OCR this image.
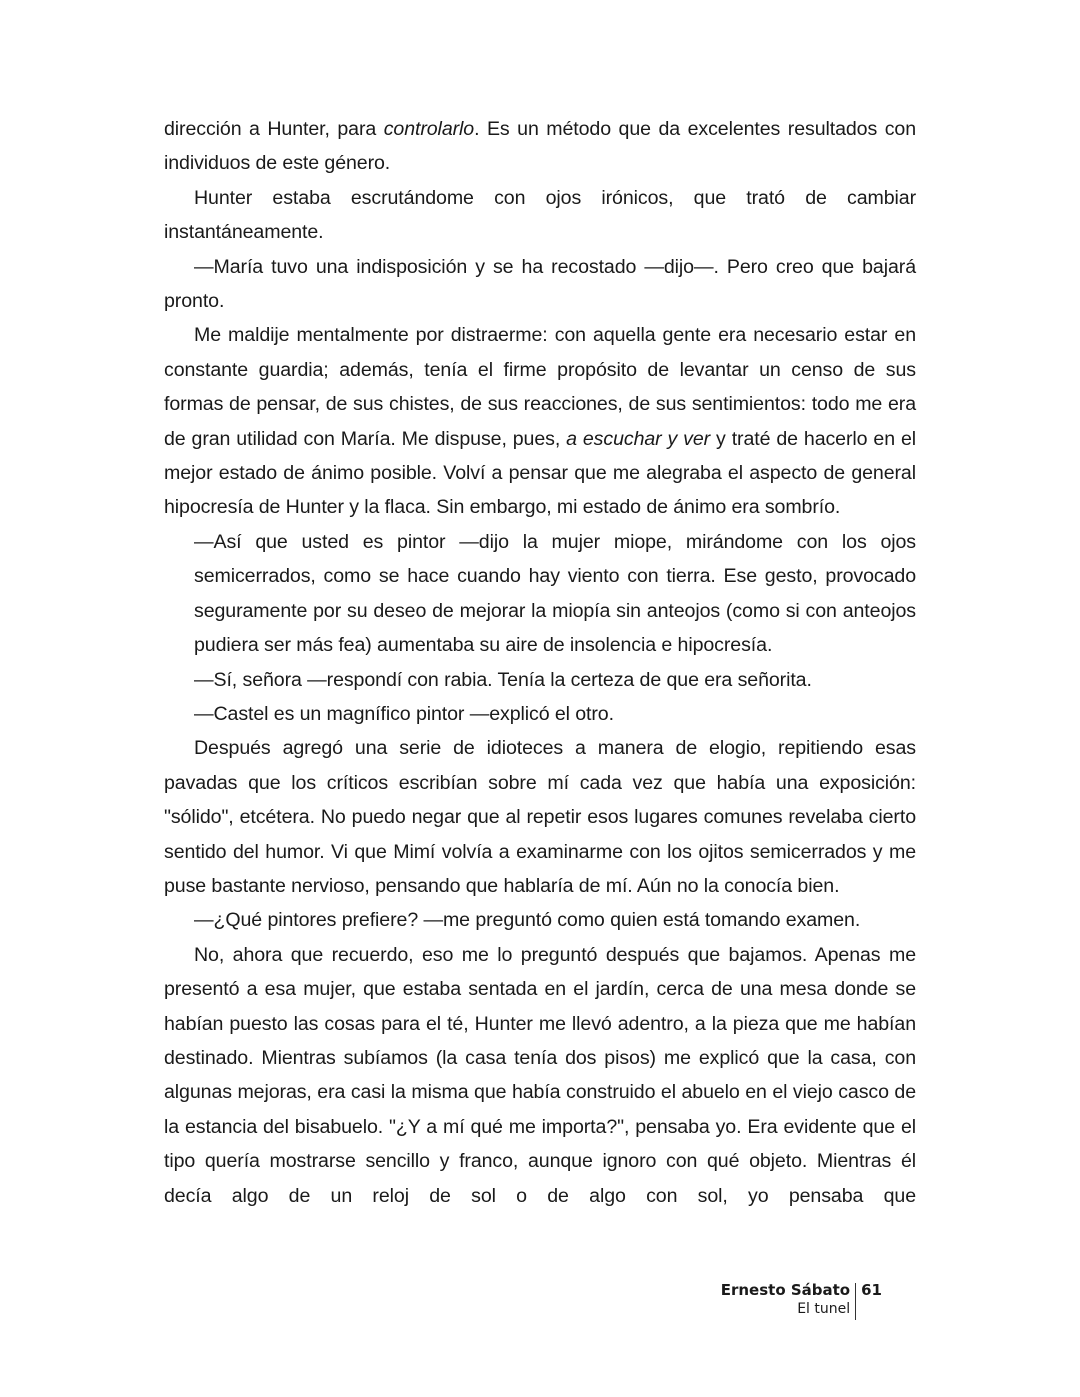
dirección a Hunter, para controlarlo. Es un método que da excelentes resultados con individuos de este género.

Hunter estaba escrutándome con ojos irónicos, que trató de cambiar instantáneamente.

—María tuvo una indisposición y se ha recostado —dijo—. Pero creo que bajará pronto.

Me maldije mentalmente por distraerme: con aquella gente era necesario estar en constante guardia; además, tenía el firme propósito de levantar un censo de sus formas de pensar, de sus chistes, de sus reacciones, de sus sentimientos: todo me era de gran utilidad con María. Me dispuse, pues, a escuchar y ver y traté de hacerlo en el mejor estado de ánimo posible. Volví a pensar que me alegraba el aspecto de general hipocresía de Hunter y la flaca. Sin embargo, mi estado de ánimo era sombrío.

—Así que usted es pintor —dijo la mujer miope, mirándome con los ojos semicerrados, como se hace cuando hay viento con tierra. Ese gesto, provocado seguramente por su deseo de mejorar la miopía sin anteojos (como si con anteojos pudiera ser más fea) aumentaba su aire de insolencia e hipocresía.

—Sí, señora —respondí con rabia. Tenía la certeza de que era señorita.

—Castel es un magnífico pintor —explicó el otro.

Después agregó una serie de idioteces a manera de elogio, repitiendo esas pavadas que los críticos escribían sobre mí cada vez que había una exposición: "sólido", etcétera. No puedo negar que al repetir esos lugares comunes revelaba cierto sentido del humor. Vi que Mimí volvía a examinarme con los ojitos semicerrados y me puse bastante nervioso, pensando que hablaría de mí. Aún no la conocía bien.

—¿Qué pintores prefiere? —me preguntó como quien está tomando examen.

No, ahora que recuerdo, eso me lo preguntó después que bajamos. Apenas me presentó a esa mujer, que estaba sentada en el jardín, cerca de una mesa donde se habían puesto las cosas para el té, Hunter me llevó adentro, a la pieza que me habían destinado. Mientras subíamos (la casa tenía dos pisos) me explicó que la casa, con algunas mejoras, era casi la misma que había construido el abuelo en el viejo casco de la estancia del bisabuelo. "¿Y a mí qué me importa?", pensaba yo. Era evidente que el tipo quería mostrarse sencillo y franco, aunque ignoro con qué objeto. Mientras él decía algo de un reloj de sol o de algo con sol, yo pensaba que

Ernesto Sábato
El tunel
61
